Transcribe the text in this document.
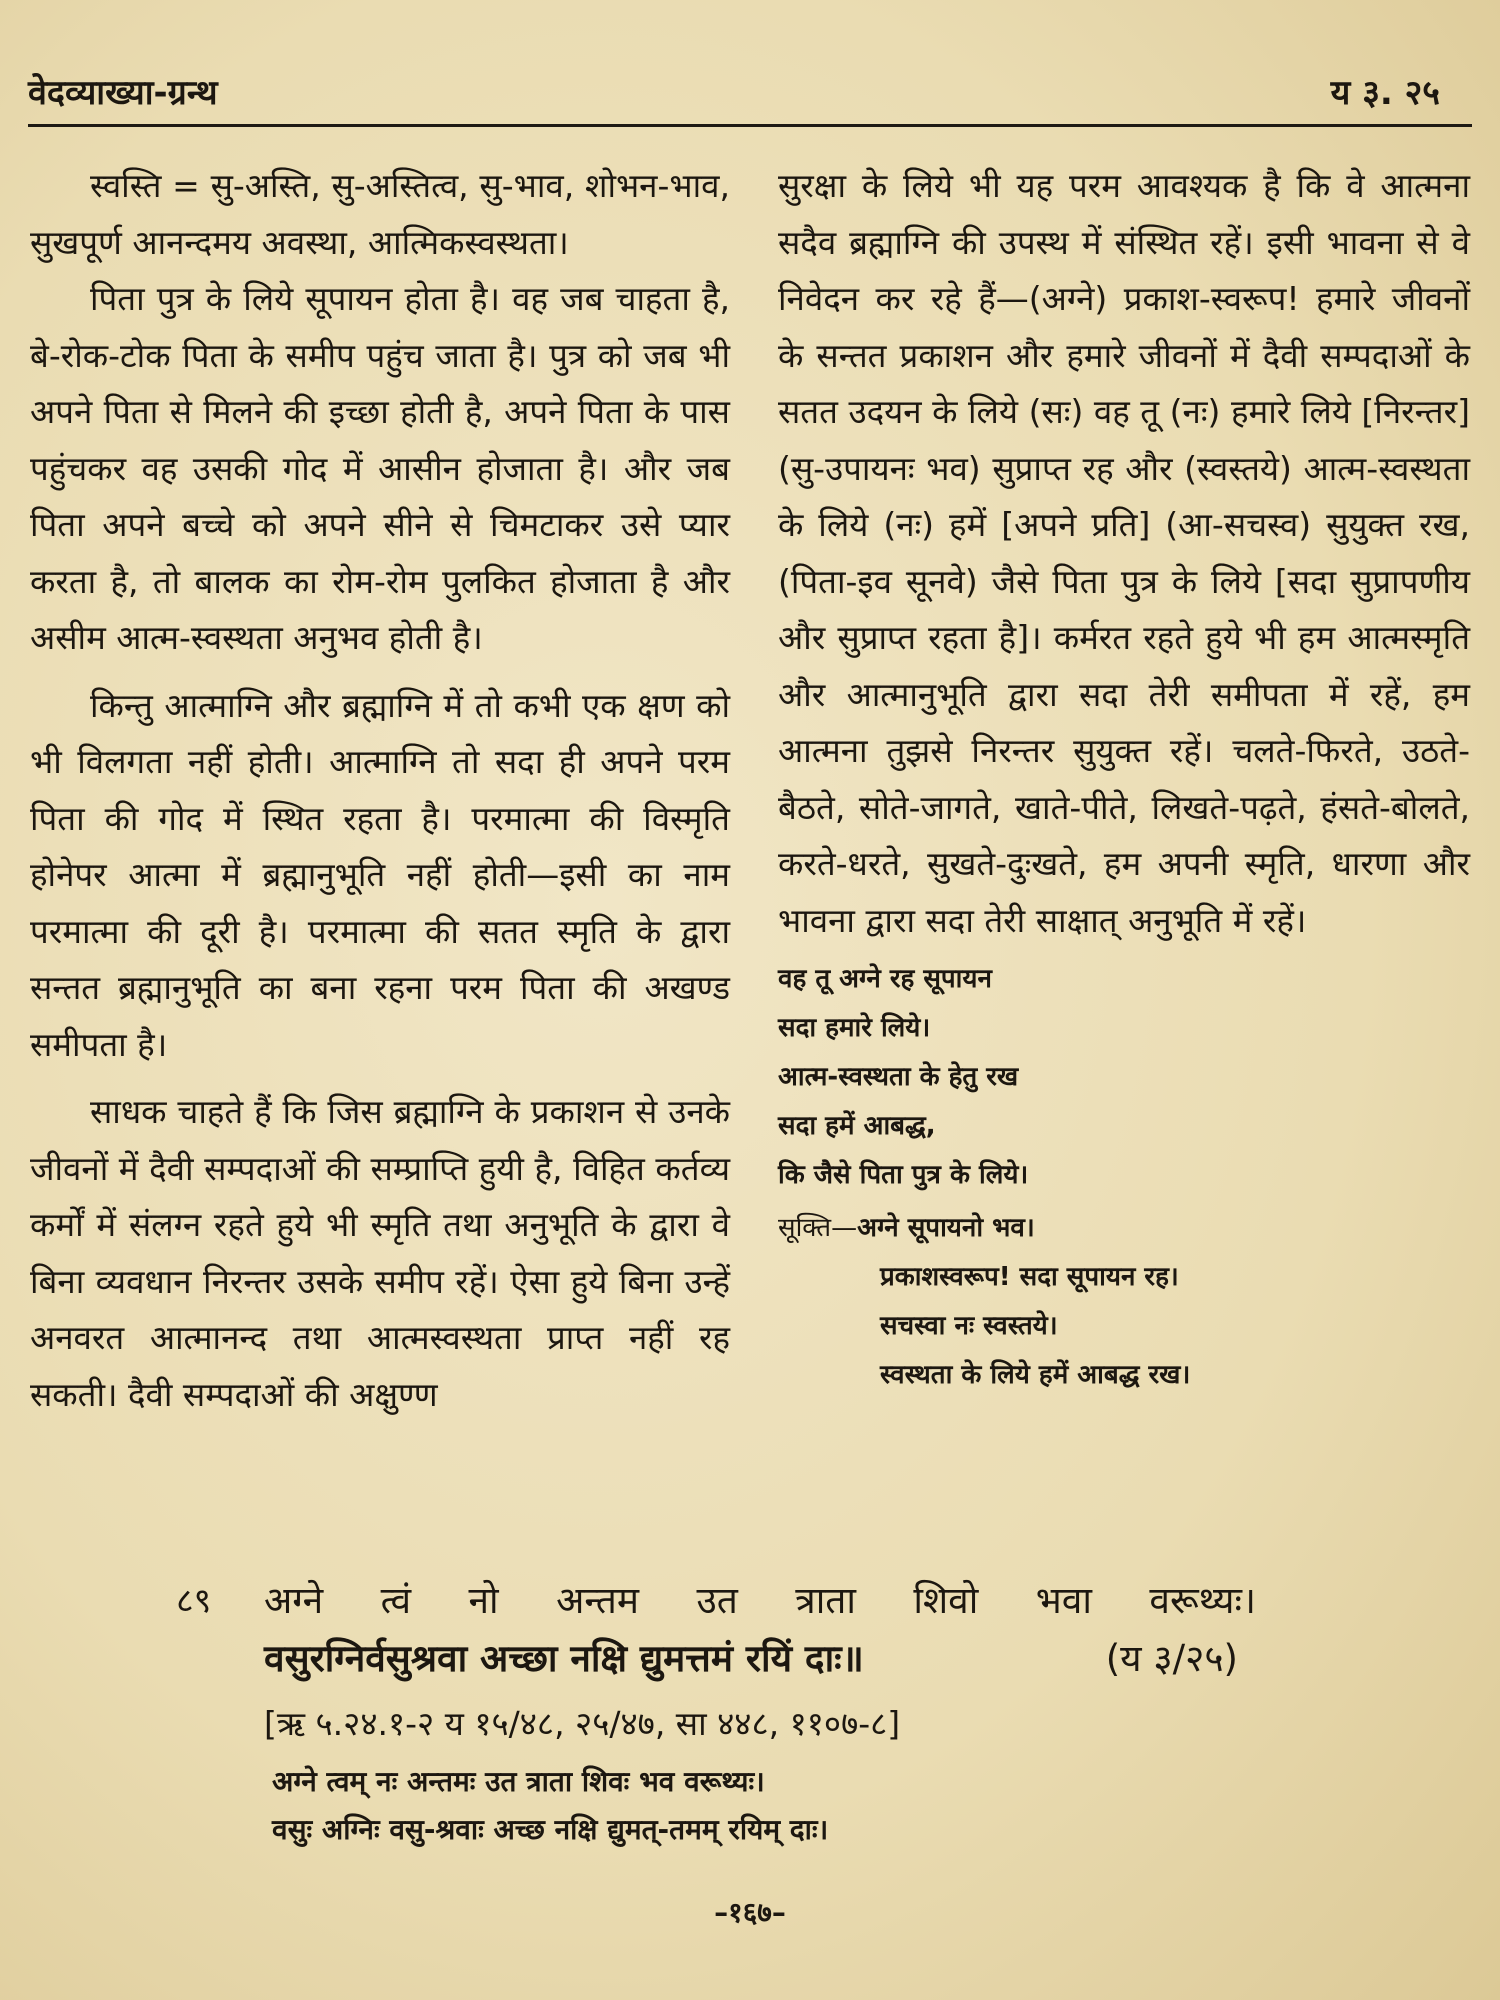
वेदव्याख्या-ग्रन्थ	य ३. २५

स्वस्ति = सु-अस्ति, सु-अस्तित्व, सु-भाव, शोभन-भाव, सुखपूर्ण आनन्दमय अवस्था, आत्मिकस्वस्थता।

पिता पुत्र के लिये सूपायन होता है। वह जब चाहता है, बे-रोक-टोक पिता के समीप पहुंच जाता है। पुत्र को जब भी अपने पिता से मिलने की इच्छा होती है, अपने पिता के पास पहुंचकर वह उसकी गोद में आसीन होजाता है। और जब पिता अपने बच्चे को अपने सीने से चिमटाकर उसे प्यार करता है, तो बालक का रोम-रोम पुलकित होजाता है और असीम आत्म-स्वस्थता अनुभव होती है।

किन्तु आत्माग्नि और ब्रह्माग्नि में तो कभी एक क्षण को भी विलगता नहीं होती। आत्माग्नि तो सदा ही अपने परम पिता की गोद में स्थित रहता है। परमात्मा की विस्मृति होनेपर आत्मा में ब्रह्मानुभूति नहीं होती—इसी का नाम परमात्मा की दूरी है। परमात्मा की सतत स्मृति के द्वारा सन्तत ब्रह्मानुभूति का बना रहना परम पिता की अखण्ड समीपता है।

साधक चाहते हैं कि जिस ब्रह्माग्नि के प्रकाशन से उनके जीवनों में दैवी सम्पदाओं की सम्प्राप्ति हुयी है, विहित कर्तव्य कर्मों में संलग्न रहते हुये भी स्मृति तथा अनुभूति के द्वारा वे बिना व्यवधान निरन्तर उसके समीप रहें। ऐसा हुये बिना उन्हें अनवरत आत्मानन्द तथा आत्मस्वस्थता प्राप्त नहीं रह सकती। दैवी सम्पदाओं की अक्षुण्ण

सुरक्षा के लिये भी यह परम आवश्यक है कि वे आत्मना सदैव ब्रह्माग्नि की उपस्थ में संस्थित रहें। इसी भावना से वे निवेदन कर रहे हैं—(अग्ने) प्रकाश-स्वरूप! हमारे जीवनों के सन्तत प्रकाशन और हमारे जीवनों में दैवी सम्पदाओं के सतत उदयन के लिये (सः) वह तू (नः) हमारे लिये [निरन्तर] (सु-उपायनः भव) सुप्राप्त रह और (स्वस्तये) आत्म-स्वस्थता के लिये (नः) हमें [अपने प्रति] (आ-सचस्व) सुयुक्त रख, (पिता-इव सूनवे) जैसे पिता पुत्र के लिये [सदा सुप्रापणीय और सुप्राप्त रहता है]। कर्मरत रहते हुये भी हम आत्मस्मृति और आत्मानुभूति द्वारा सदा तेरी समीपता में रहें, हम आत्मना तुझसे निरन्तर सुयुक्त रहें। चलते-फिरते, उठते-बैठते, सोते-जागते, खाते-पीते, लिखते-पढ़ते, हंसते-बोलते, करते-धरते, सुखते-दुःखते, हम अपनी स्मृति, धारणा और भावना द्वारा सदा तेरी साक्षात् अनुभूति में रहें।

वह तू अग्ने रह सूपायन
सदा हमारे लिये।
आत्म-स्वस्थता के हेतु रख
सदा हमें आबद्ध,
कि जैसे पिता पुत्र के लिये।
सूक्ति—अग्ने सूपायनो भव।
प्रकाशस्वरूप! सदा सूपायन रह।
सचस्वा नः स्वस्तये।
स्वस्थता के लिये हमें आबद्ध रख।
८९	अग्ने त्वं नो अन्तम उत त्राता शिवो भवा वरूथ्यः।
वसुरग्निर्वसुश्रवा अच्छा नक्षि द्युमत्तमं रयिं दाः॥	(य ३/२५)
[ऋ ५.२४.१-२ य १५/४८, २५/४७, सा ४४८, ११०७-८]
अग्ने त्वम् नः अन्तमः उत त्राता शिवः भव वरूथ्यः।
वसुः अग्निः वसु-श्रवाः अच्छ नक्षि द्युमत्-तमम् रयिम् दाः।
–१६७–
